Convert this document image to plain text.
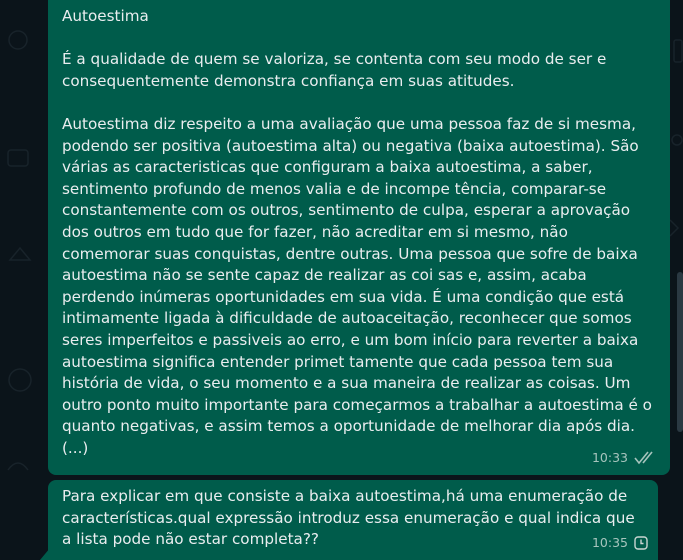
Autoestima

É a qualidade de quem se valoriza, se contenta com seu modo de ser e consequentemente demonstra confiança em suas atitudes.

Autoestima diz respeito a uma avaliação que uma pessoa faz de si mesma, podendo ser positiva (autoestima alta) ou negativa (baixa autoestima). São várias as caracteristicas que configuram a baixa autoestima, a saber, sentimento profundo de menos valia e de incompe tência, comparar-se constantemente com os outros, sentimento de culpa, esperar a aprovação dos outros em tudo que for fazer, não acreditar em si mesmo, não comemorar suas conquistas, dentre outras. Uma pessoa que sofre de baixa autoestima não se sente capaz de realizar as coi sas e, assim, acaba perdendo inúmeras oportunidades em sua vida. É uma condição que está intimamente ligada à dificuldade de autoaceitação, reconhecer que somos seres imperfeitos e passiveis ao erro, e um bom início para reverter a baixa autoestima significa entender primet tamente que cada pessoa tem sua história de vida, o seu momento e a sua maneira de realizar as coisas. Um outro ponto muito importante para começarmos a trabalhar a autoestima é o quanto negativas, e assim temos a oportunidade de melhorar dia após dia. (...)

10:33

Para explicar em que consiste a baixa autoestima,há uma enumeração de características.qual expressão introduz essa enumeração e qual indica que a lista pode não estar completa??	10:35
